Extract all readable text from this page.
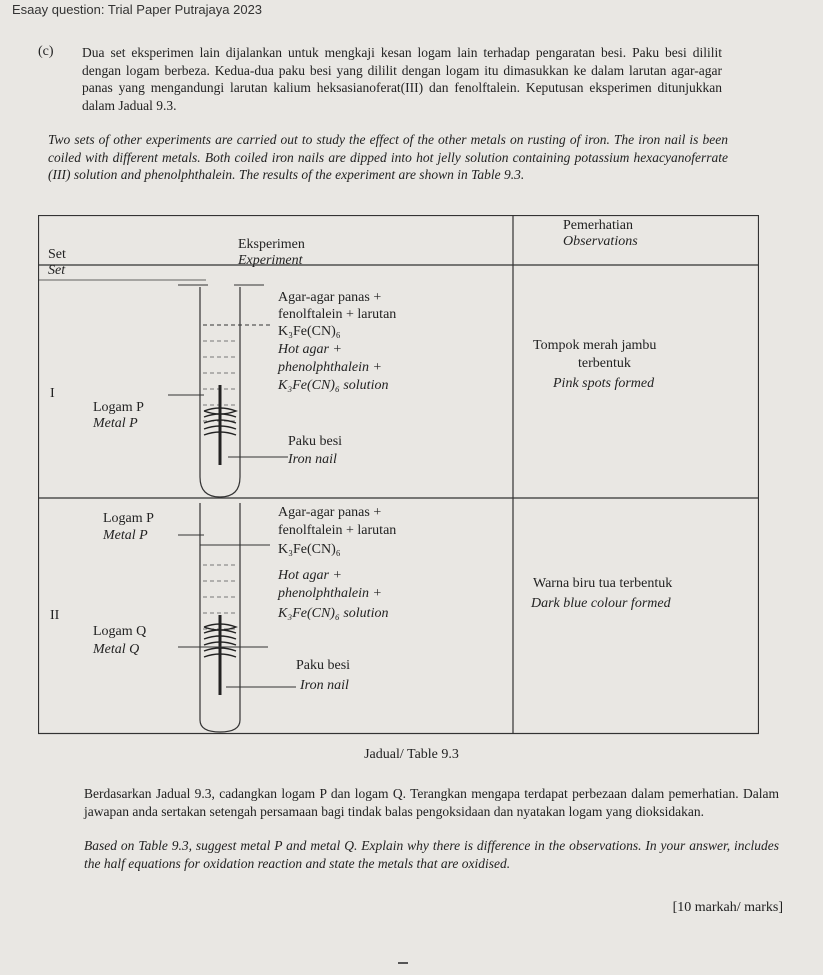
Esaay question: Trial Paper Putrajaya 2023
(c) Dua set eksperimen lain dijalankan untuk mengkaji kesan logam lain terhadap pengaratan besi. Paku besi dililit dengan logam berbeza. Kedua-dua paku besi yang dililit dengan logam itu dimasukkan ke dalam larutan agar-agar panas yang mengandungi larutan kalium heksasianoferat(III) dan fenolftalein. Keputusan eksperimen ditunjukkan dalam Jadual 9.3.
Two sets of other experiments are carried out to study the effect of the other metals on rusting of iron. The iron nail is been coiled with different metals. Both coiled iron nails are dipped into hot jelly solution containing potassium hexacyanoferrate (III) solution and phenolphthalein. The results of the experiment are shown in Table 9.3.
Set
Set
Eksperimen
Experiment
Pemerhatian
Observations
I
Logam P
Metal P
Agar-agar panas +
fenolftalein + larutan
K₃Fe(CN)₆
Hot agar +
phenolphthalein +
K₃Fe(CN)₆ solution
Paku besi
Iron nail
Tompok merah jambu
terbentuk
Pink spots formed
Logam P
Metal P
II
Logam Q
Metal Q
Agar-agar panas +
fenolftalein + larutan
K₃Fe(CN)₆
Hot agar +
phenolphthalein +
K₃Fe(CN)₆ solution
Paku besi
Iron nail
Warna biru tua terbentuk
Dark blue colour formed
Jadual/ Table 9.3
Berdasarkan Jadual 9.3, cadangkan logam P dan logam Q. Terangkan mengapa terdapat perbezaan dalam pemerhatian. Dalam jawapan anda sertakan setengah persamaan bagi tindak balas pengoksidaan dan nyatakan logam yang dioksidakan.
Based on Table 9.3, suggest metal P and metal Q. Explain why there is difference in the observations. In your answer, includes the half equations for oxidation reaction and state the metals that are oxidised.
[10 markah/ marks]
